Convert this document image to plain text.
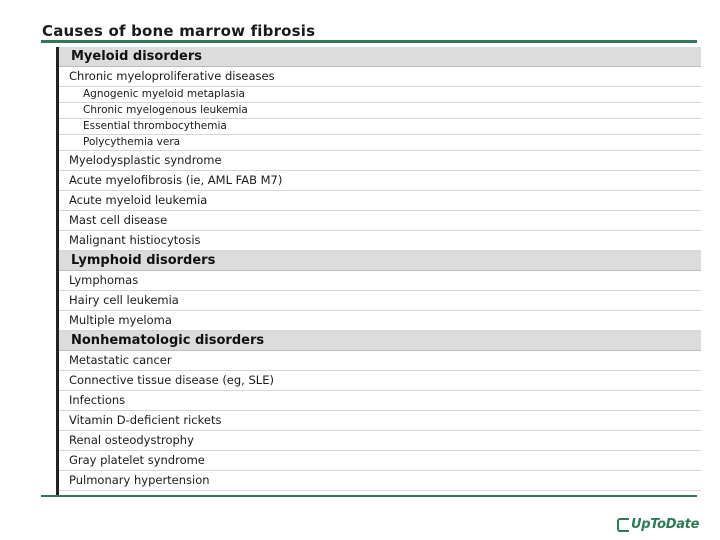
Causes of bone marrow fibrosis
Myeloid disorders
Chronic myeloproliferative diseases
Agnogenic myeloid metaplasia
Chronic myelogenous leukemia
Essential thrombocythemia
Polycythemia vera
Myelodysplastic syndrome
Acute myelofibrosis (ie, AML FAB M7)
Acute myeloid leukemia
Mast cell disease
Malignant histiocytosis
Lymphoid disorders
Lymphomas
Hairy cell leukemia
Multiple myeloma
Nonhematologic disorders
Metastatic cancer
Connective tissue disease (eg, SLE)
Infections
Vitamin D-deficient rickets
Renal osteodystrophy
Gray platelet syndrome
Pulmonary hypertension
UpToDate
